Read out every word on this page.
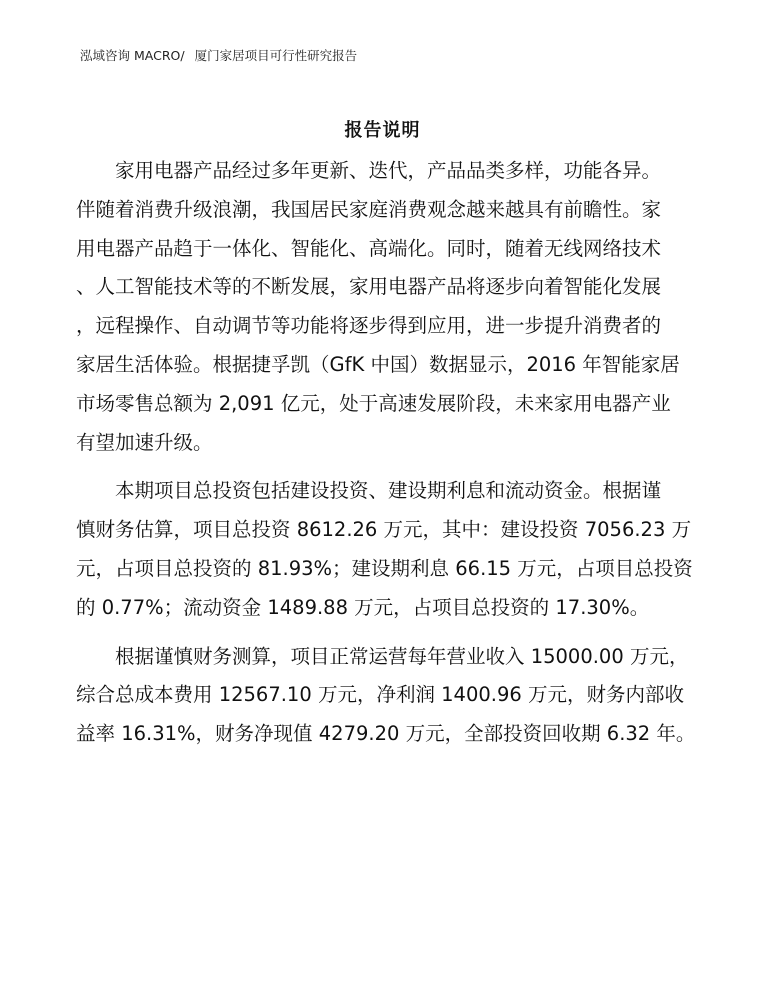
泓域咨询 MACRO/ 厦门家居项目可行性研究报告
报告说明
家用电器产品经过多年更新、迭代，产品品类多样，功能各异。
伴随着消费升级浪潮，我国居民家庭消费观念越来越具有前瞻性。家
用电器产品趋于一体化、智能化、高端化。同时，随着无线网络技术
、人工智能技术等的不断发展，家用电器产品将逐步向着智能化发展
，远程操作、自动调节等功能将逐步得到应用，进一步提升消费者的
家居生活体验。根据捷孚凯（GfK 中国）数据显示，2016 年智能家居
市场零售总额为 2,091 亿元，处于高速发展阶段，未来家用电器产业
有望加速升级。
本期项目总投资包括建设投资、建设期利息和流动资金。根据谨
慎财务估算，项目总投资 8612.26 万元，其中：建设投资 7056.23 万
元，占项目总投资的 81.93%；建设期利息 66.15 万元，占项目总投资
的 0.77%；流动资金 1489.88 万元，占项目总投资的 17.30%。
根据谨慎财务测算，项目正常运营每年营业收入 15000.00 万元，
综合总成本费用 12567.10 万元，净利润 1400.96 万元，财务内部收
益率 16.31%，财务净现值 4279.20 万元，全部投资回收期 6.32 年。
